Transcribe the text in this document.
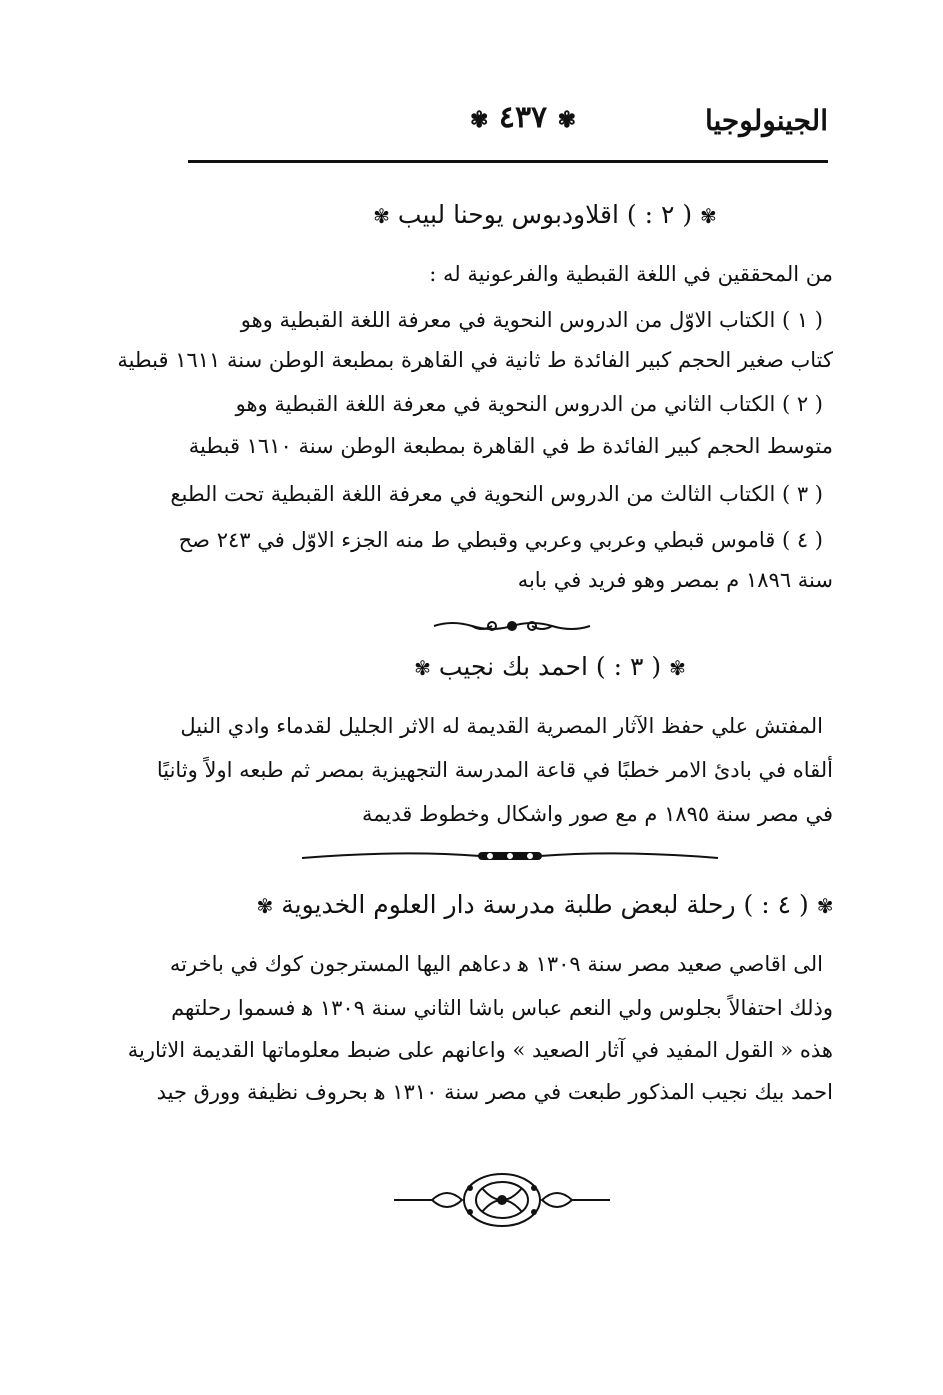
الجينولوجيا
✾ ٤٣٧ ✾
✾ ( ٢ : ) اقلاودبوس يوحنا لبيب ✾
من المحققين في اللغة القبطية والفرعونية له :
( ١ ) الكتاب الاوّل من الدروس النحوية في معرفة اللغة القبطية وهو
كتاب صغير الحجم كبير الفائدة ط ثانية في القاهرة بمطبعة الوطن سنة ١٦١١ قبطية
( ٢ ) الكتاب الثاني من الدروس النحوية في معرفة اللغة القبطية وهو
متوسط الحجم كبير الفائدة ط في القاهرة بمطبعة الوطن سنة ١٦١٠ قبطية
( ٣ ) الكتاب الثالث من الدروس النحوية في معرفة اللغة القبطية تحت الطبع
( ٤ ) قاموس قبطي وعربي وعربي وقبطي ط منه الجزء الاوّل في ٢٤٣ صح
سنة ١٨٩٦ م بمصر وهو فريد في بابه
✾ ( ٣ : ) احمد بك نجيب ✾
المفتش علي حفظ الآثار المصرية القديمة له الاثر الجليل لقدماء وادي النيل
ألقاه في بادئ الامر خطبًا في قاعة المدرسة التجهيزية بمصر ثم طبعه اولاً وثانيًا
في مصر سنة ١٨٩٥ م مع صور واشكال وخطوط قديمة
✾ ( ٤ : ) رحلة لبعض طلبة مدرسة دار العلوم الخديوية ✾
الى اقاصي صعيد مصر سنة ١٣٠٩ ﻫ دعاهم اليها المسترجون كوك في باخرته
وذلك احتفالاً بجلوس ولي النعم عباس باشا الثاني سنة ١٣٠٩ ﻫ فسموا رحلتهم
هذه « القول المفيد في آثار الصعيد » واعانهم على ضبط معلوماتها القديمة الاثارية
احمد بيك نجيب المذكور طبعت في مصر سنة ١٣١٠ ﻫ بحروف نظيفة وورق جيد
